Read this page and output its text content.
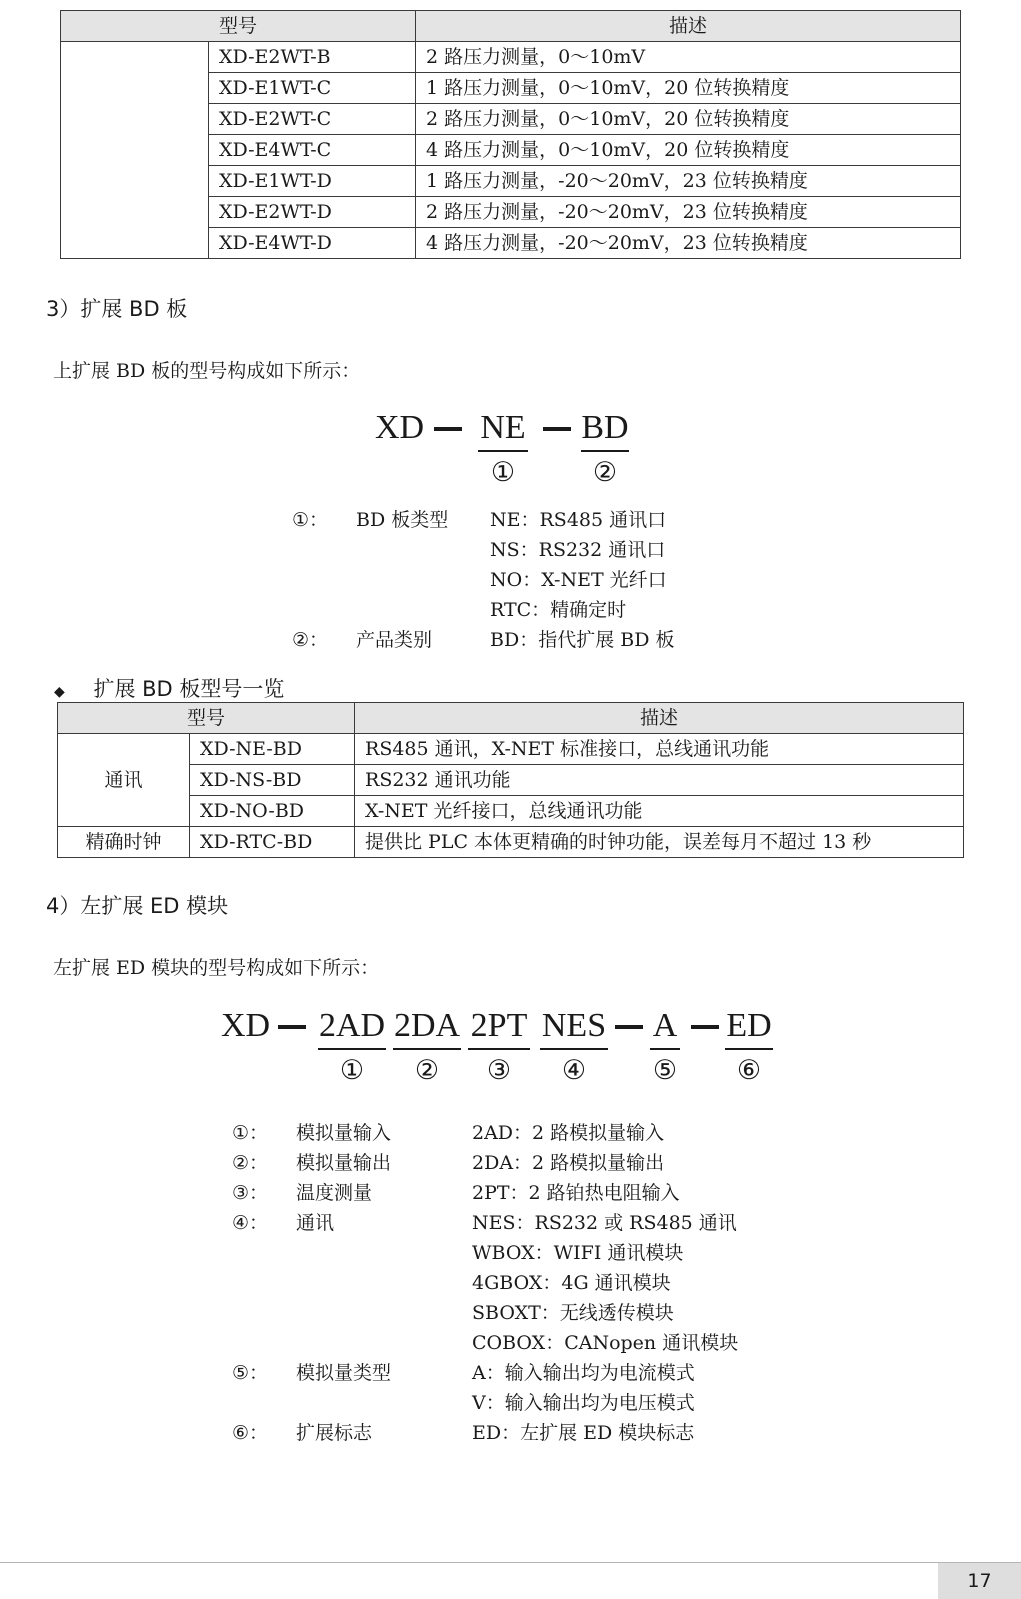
型号		描述
	XD-E2WT-B	2 路压力测量，0～10mV
	XD-E1WT-C	1 路压力测量，0～10mV，20 位转换精度
	XD-E2WT-C	2 路压力测量，0～10mV，20 位转换精度
	XD-E4WT-C	4 路压力测量，0～10mV，20 位转换精度
	XD-E1WT-D	1 路压力测量，-20～20mV，23 位转换精度
	XD-E2WT-D	2 路压力测量，-20～20mV，23 位转换精度
	XD-E4WT-D	4 路压力测量，-20～20mV，23 位转换精度
3）扩展 BD 板
上扩展 BD 板的型号构成如下所示：
XD NE
①
BD
②
①： BD 板类型 NE：RS485 通讯口
NS：RS232 通讯口
NO：X-NET 光纤口
RTC：精确定时
②： 产品类别	BD：指代扩展 BD 板
◆ 扩展 BD 板型号一览
型号		描述
通讯	XD-NE-BD	RS485 通讯，X-NET 标准接口，总线通讯功能
	XD-NS-BD	RS232 通讯功能
	XD-NO-BD	X-NET 光纤接口，总线通讯功能
精确时钟	XD-RTC-BD	提供比 PLC 本体更精确的时钟功能，误差每月不超过 13 秒
4）左扩展 ED 模块
左扩展 ED 模块的型号构成如下所示：
XD 2AD
①
2DA
②
2PT
③
NES
④
A
⑤
ED
⑥
①： 模拟量输入	2AD：2 路模拟量输入
②： 模拟量输出	2DA：2 路模拟量输出
③： 温度测量	2PT：2 路铂热电阻输入
④： 通讯	NES：RS232 或 RS485 通讯
WBOX：WIFI 通讯模块
4GBOX：4G 通讯模块
SBOXT：无线透传模块
COBOX：CANopen 通讯模块
⑤： 模拟量类型	A：输入输出均为电流模式
V：输入输出均为电压模式
⑥： 扩展标志	ED：左扩展 ED 模块标志
17
